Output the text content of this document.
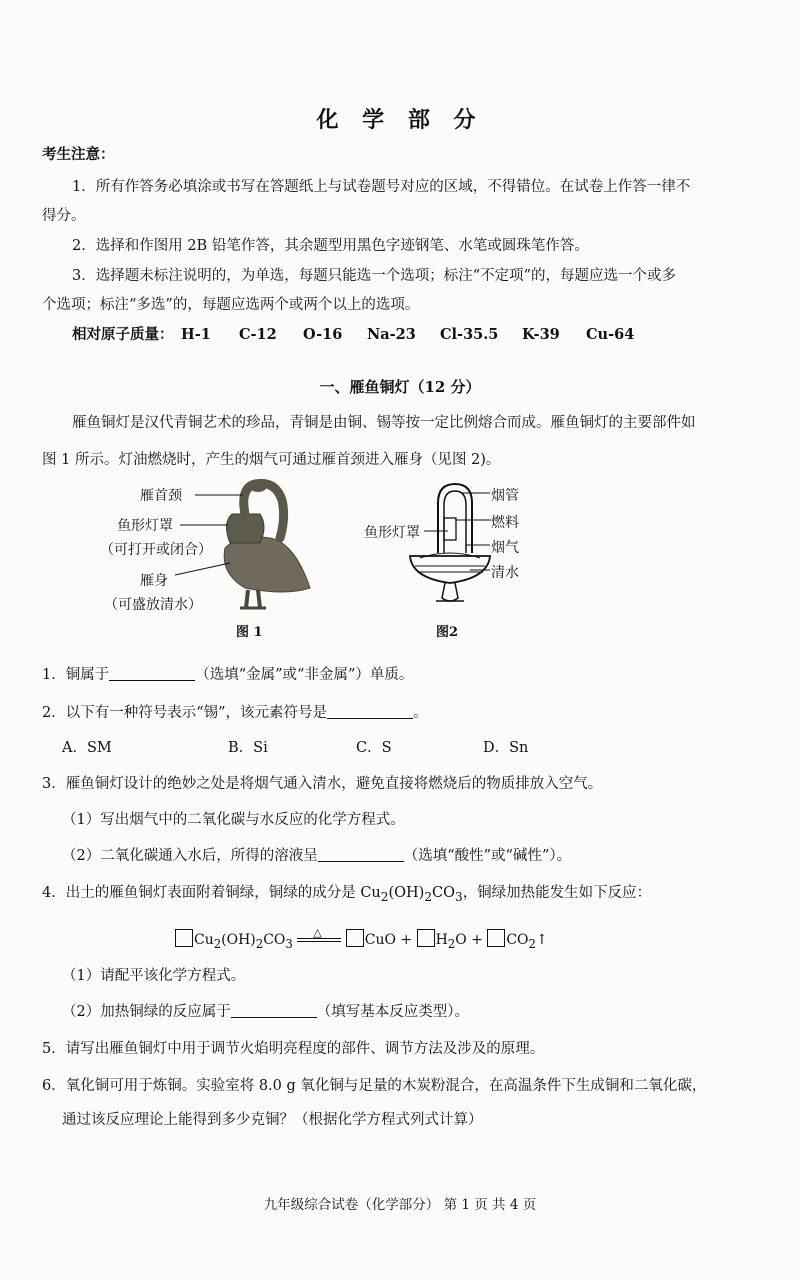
化 学 部 分
考生注意：
1．所有作答务必填涂或书写在答题纸上与试卷题号对应的区域，不得错位。在试卷上作答一律不
得分。
2．选择和作图用 2B 铅笔作答，其余题型用黑色字迹钢笔、水笔或圆珠笔作答。
3．选择题未标注说明的，为单选，每题只能选一个选项；标注“不定项”的，每题应选一个或多
个选项；标注“多选”的，每题应选两个或两个以上的选项。
相对原子质量： H-1 C-12 O-16 Na-23 Cl-35.5 K-39 Cu-64
一、雁鱼铜灯（12 分）
雁鱼铜灯是汉代青铜艺术的珍品，青铜是由铜、锡等按一定比例熔合而成。雁鱼铜灯的主要部件如
图 1 所示。灯油燃烧时，产生的烟气可通过雁首颈进入雁身（见图 2)。
雁首颈
鱼形灯罩
（可打开或闭合）
雁身
（可盛放清水）
图 1
烟管
燃料
鱼形灯罩
烟气
清水
图2
1．铜属于	（选填“金属”或“非金属”）单质。
2．以下有一种符号表示“锡”，该元素符号是	。
A．SM	B．Si	C．S	D．Sn
3．雁鱼铜灯设计的绝妙之处是将烟气通入清水，避免直接将燃烧后的物质排放入空气。
（1）写出烟气中的二氧化碳与水反应的化学方程式。
（2）二氧化碳通入水后，所得的溶液呈	（选填“酸性”或“碱性”）。
4．出土的雁鱼铜灯表面附着铜绿，铜绿的成分是 $Cu_2(OH)_2CO_3$，铜绿加热能发生如下反应：
$Cu_2(OH)_2CO_3$
△	CuO + $H_2O$ + $CO_2↑$
（1）请配平该化学方程式。
（2）加热铜绿的反应属于	（填写基本反应类型）。
5．请写出雁鱼铜灯中用于调节火焰明亮程度的部件、调节方法及涉及的原理。
6．氧化铜可用于炼铜。实验室将 8.0 g 氧化铜与足量的木炭粉混合，在高温条件下生成铜和二氧化碳，
通过该反应理论上能得到多少克铜？（根据化学方程式列式计算）
九年级综合试卷（化学部分） 第 1 页 共 4 页
